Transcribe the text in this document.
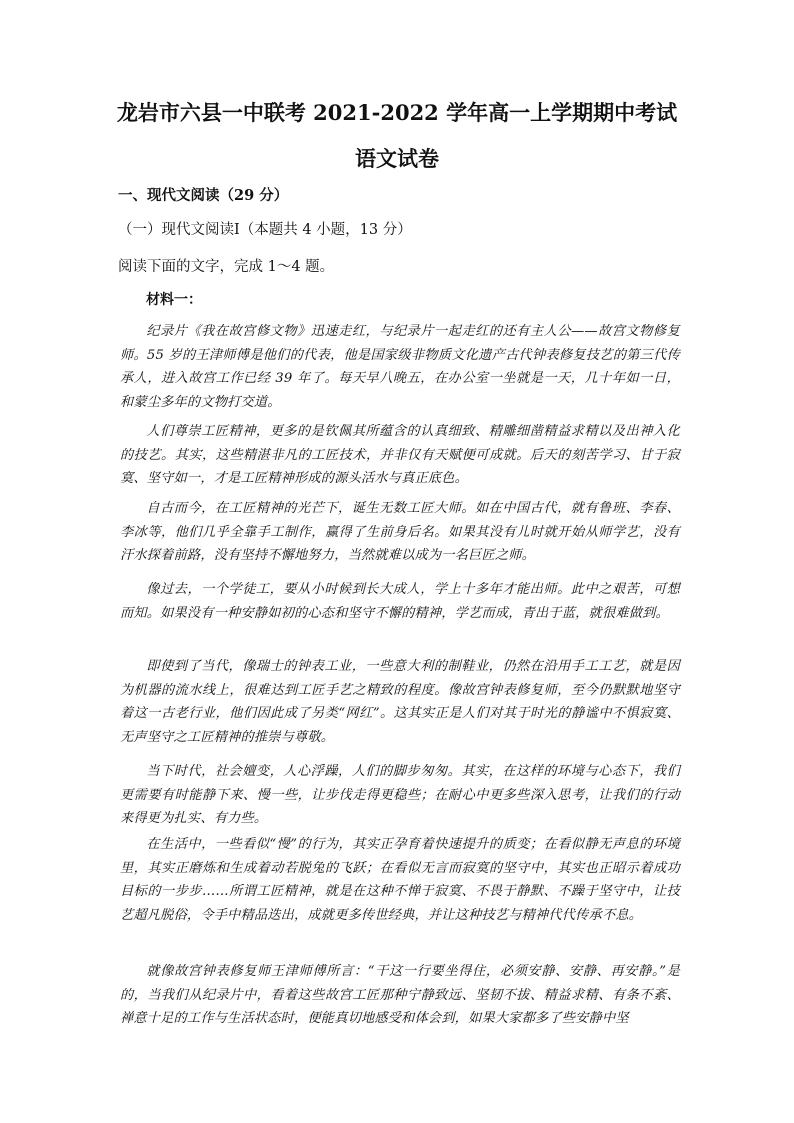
龙岩市六县一中联考 2021-2022 学年高一上学期期中考试
语文试卷
一、现代文阅读（29 分）
（一）现代文阅读Ⅰ（本题共 4 小题，13 分）
阅读下面的文字，完成 1～4 题。
材料一：

纪录片《我在故宫修文物》迅速走红，与纪录片一起走红的还有主人公——故宫文物修复师。55 岁的王津师傅是他们的代表，他是国家级非物质文化遗产古代钟表修复技艺的第三代传承人，进入故宫工作已经 39 年了。每天早八晚五，在办公室一坐就是一天，几十年如一日，和蒙尘多年的文物打交道。

人们尊崇工匠精神，更多的是钦佩其所蕴含的认真细致、精雕细凿精益求精以及出神入化的技艺。其实，这些精湛非凡的工匠技术，并非仅有天赋便可成就。后天的刻苦学习、甘于寂寞、坚守如一，才是工匠精神形成的源头活水与真正底色。

自古而今，在工匠精神的光芒下，诞生无数工匠大师。如在中国古代，就有鲁班、李春、李冰等，他们几乎全靠手工制作，赢得了生前身后名。如果其没有儿时就开始从师学艺，没有汗水探着前路，没有坚持不懈地努力，当然就难以成为一名巨匠之师。

像过去，一个学徒工，要从小时候到长大成人，学上十多年才能出师。此中之艰苦，可想而知。如果没有一种安静如初的心态和坚守不懈的精神，学艺而成，青出于蓝，就很难做到。

即使到了当代，像瑞士的钟表工业，一些意大利的制鞋业，仍然在沿用手工工艺，就是因为机器的流水线上，很难达到工匠手艺之精致的程度。像故宫钟表修复师，至今仍默默地坚守着这一古老行业，他们因此成了另类“网红”。这其实正是人们对其于时光的静谧中不惧寂寞、无声坚守之工匠精神的推崇与尊敬。

当下时代，社会嬗变，人心浮躁，人们的脚步匆匆。其实，在这样的环境与心态下，我们更需要有时能静下来、慢一些，让步伐走得更稳些；在耐心中更多些深入思考，让我们的行动来得更为扎实、有力些。

在生活中，一些看似“慢”的行为，其实正孕育着快速提升的质变；在看似静无声息的环境里，其实正磨炼和生成着动若脱兔的飞跃；在看似无言而寂寞的坚守中，其实也正昭示着成功目标的一步步……所谓工匠精神，就是在这种不惮于寂寞、不畏于静默、不躁于坚守中，让技艺超凡脱俗，令手中精品迭出，成就更多传世经典，并让这种技艺与精神代代传承不息。

就像故宫钟表修复师王津师傅所言：“干这一行要坐得住，必须安静、安静、再安静。”是的，当我们从纪录片中，看着这些故宫工匠那种宁静致远、坚韧不拔、精益求精、有条不紊、禅意十足的工作与生活状态时，便能真切地感受和体会到，如果大家都多了些安静中坚
